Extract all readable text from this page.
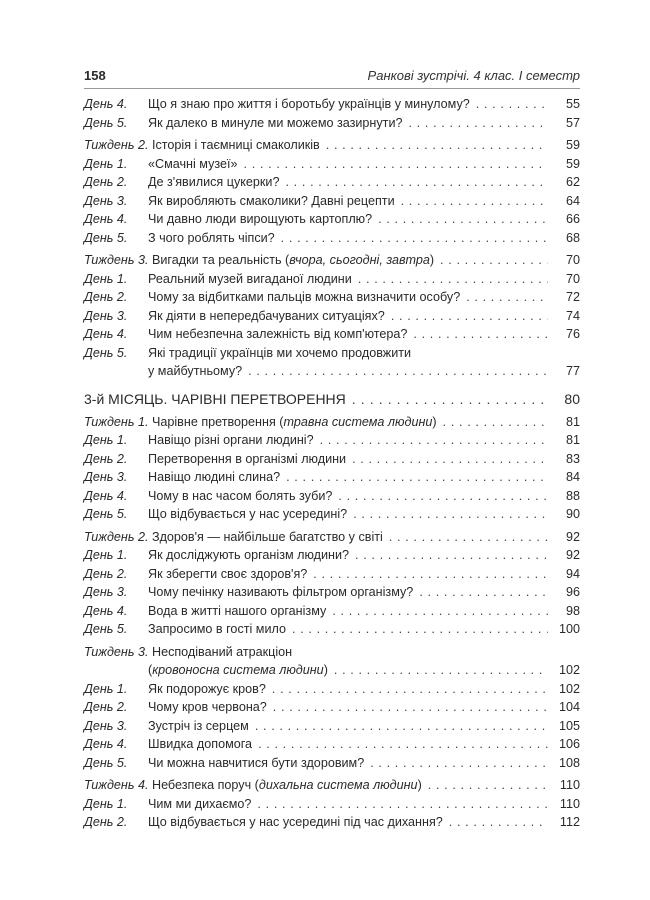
158	Ранкові зустрічі. 4 клас. І семестр
День 4.	Що я знаю про життя і боротьбу українців у минулому? . . .	55
День 5.	Як далеко в минуле ми можемо зазирнути? . . .	57
Тиждень 2. Історія і таємниці смаколиків . . .	59
День 1.	«Смачні музеї» . . .	59
День 2.	Де з'явилися цукерки? . . .	62
День 3.	Як виробляють смаколики? Давні рецепти . . .	64
День 4.	Чи давно люди вирощують картоплю? . . .	66
День 5.	З чого роблять чіпси? . . .	68
Тиждень 3. Вигадки та реальність (вчора, сьогодні, завтра) . . .	70
День 1.	Реальний музей вигаданої людини . . .	70
День 2.	Чому за відбитками пальців можна визначити особу? . . .	72
День 3.	Як діяти в непередбачуваних ситуаціях? . . .	74
День 4.	Чим небезпечна залежність від комп'ютера? . . .	76
День 5.	Які традиції українців ми хочемо продовжити
у майбутньому? . . .	77
3-й МІСЯЦЬ. ЧАРІВНІ ПЕРЕТВОРЕННЯ . . .	80
Тиждень 1. Чарівне претворення (травна система людини) . . .	81
День 1.	Навіщо різні органи людині? . . .	81
День 2.	Перетворення в організмі людини . . .	83
День 3.	Навіщо людині слина? . . .	84
День 4.	Чому в нас часом болять зуби? . . .	88
День 5.	Що відбувається у нас усередині? . . .	90
Тиждень 2. Здоров'я — найбільше багатство у світі . . .	92
День 1.	Як досліджують організм людини? . . .	92
День 2.	Як зберегти своє здоров'я? . . .	94
День 3.	Чому печінку називають фільтром організму? . . .	96
День 4.	Вода в житті нашого організму . . .	98
День 5.	Запросимо в гості мило . . .	100
Тиждень 3. Несподіваний атракціон
(кровоносна система людини) . . .	102
День 1.	Як подорожує кров? . . .	102
День 2.	Чому кров червона? . . .	104
День 3.	Зустріч із серцем . . .	105
День 4.	Швидка допомога . . .	106
День 5.	Чи можна навчитися бути здоровим? . . .	108
Тиждень 4. Небезпека поруч (дихальна система людини) . . .	110
День 1.	Чим ми дихаємо? . . .	110
День 2.	Що відбувається у нас усередині під час дихання? . . .	112
